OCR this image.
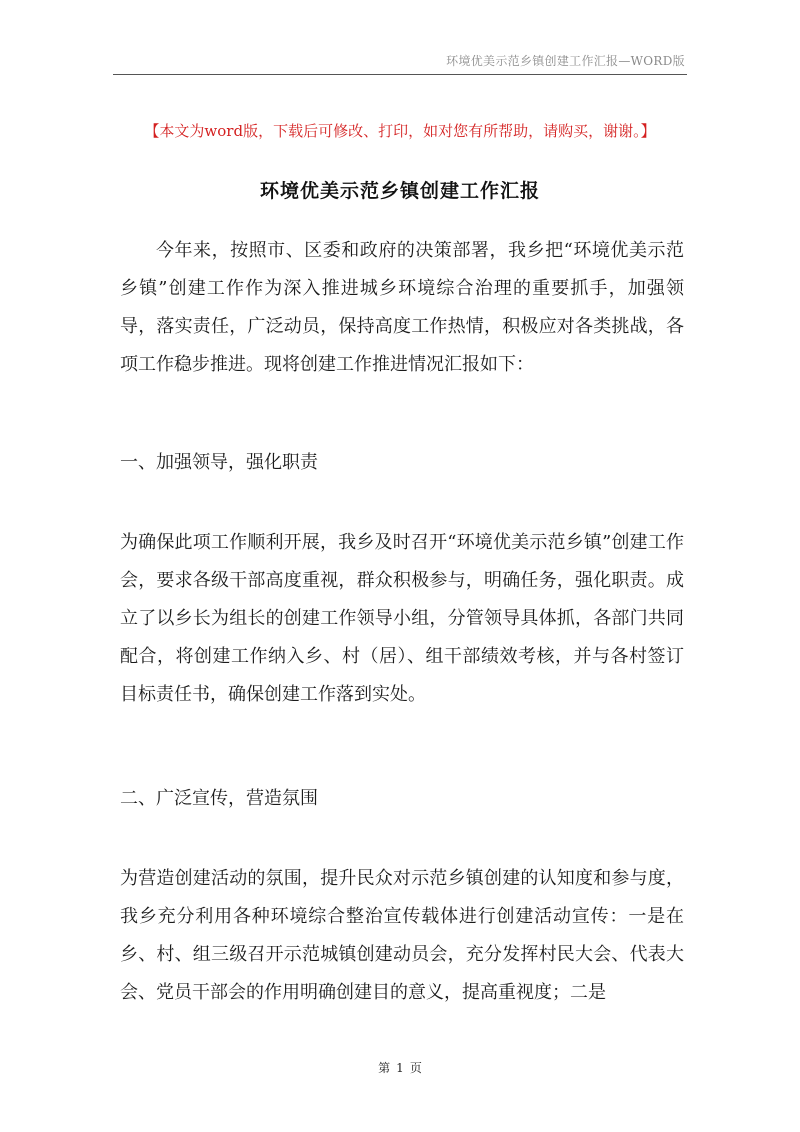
环境优美示范乡镇创建工作汇报—WORD版
【本文为word版，下载后可修改、打印，如对您有所帮助，请购买，谢谢。】
环境优美示范乡镇创建工作汇报
今年来，按照市、区委和政府的决策部署，我乡把“环境优美示范乡镇”创建工作作为深入推进城乡环境综合治理的重要抓手，加强领导，落实责任，广泛动员，保持高度工作热情，积极应对各类挑战，各项工作稳步推进。现将创建工作推进情况汇报如下：
一、加强领导，强化职责
为确保此项工作顺利开展，我乡及时召开“环境优美示范乡镇”创建工作会，要求各级干部高度重视，群众积极参与，明确任务，强化职责。成立了以乡长为组长的创建工作领导小组，分管领导具体抓，各部门共同配合，将创建工作纳入乡、村（居）、组干部绩效考核，并与各村签订目标责任书，确保创建工作落到实处。
二、广泛宣传，营造氛围
为营造创建活动的氛围，提升民众对示范乡镇创建的认知度和参与度，我乡充分利用各种环境综合整治宣传载体进行创建活动宣传：一是在乡、村、组三级召开示范城镇创建动员会，充分发挥村民大会、代表大会、党员干部会的作用明确创建目的意义，提高重视度；二是
第 1 页
